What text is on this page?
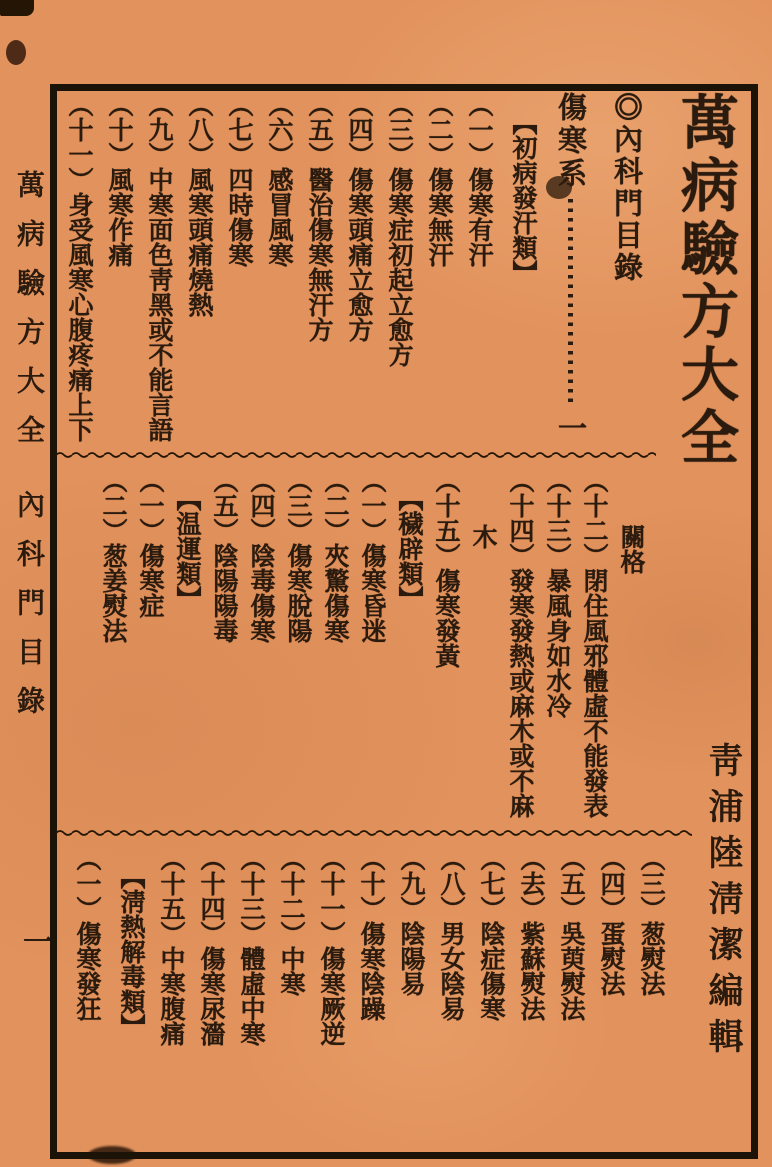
萬病驗方大全內科門目錄
一
萬病驗方大全
靑浦陸淸潔編輯
◎內科門目錄
傷寒系一
【初病發汗類】
（一）傷寒有汗
（二）傷寒無汗
（三）傷寒症初起立愈方
（四）傷寒頭痛立愈方
（五）醫治傷寒無汗方
（六）感冒風寒
（七）四時傷寒
（八）風寒頭痛燒熱
（九）中寒面色靑黑或不能言語
（十）風寒作痛
（十一）身受風寒心腹疼痛上下
關格
（十二）閉住風邪體虛不能發表
（十三）暴風身如水冷
（十四）發寒發熱或麻木或不麻
木
（十五）傷寒發黃
【穢辟類】
（一）傷寒昏迷
（二）夾驚傷寒
（三）傷寒脫陽
（四）陰毒傷寒
（五）陰陽陽毒
【温運類】
（一）傷寒症
（二）葱姜熨法
（三）葱熨法
（四）蛋熨法
（五）吳萸熨法
（去）紫蘇熨法
（七）陰症傷寒
（八）男女陰易
（九）陰陽易
（十）傷寒陰躁
（十一）傷寒厥逆
（十二）中寒
（十三）體虛中寒
（十四）傷寒尿濇
（十五）中寒腹痛
【淸熱解毒類】
（一）傷寒發狂
